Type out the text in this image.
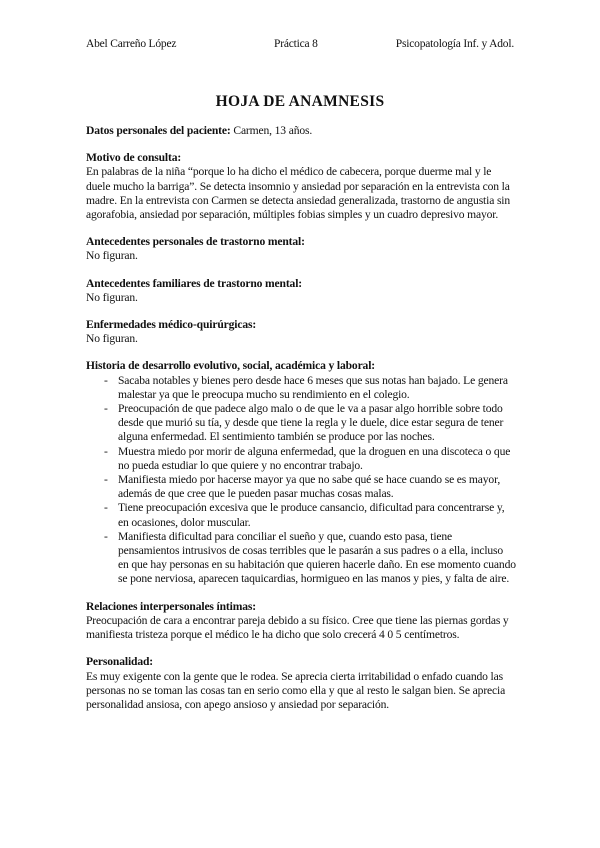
Abel Carreño López	Práctica 8	Psicopatología Inf. y Adol.
HOJA DE ANAMNESIS
Datos personales del paciente: Carmen, 13 años.
Motivo de consulta:

En palabras de la niña “porque lo ha dicho el médico de cabecera, porque duerme mal y le duele mucho la barriga”. Se detecta insomnio y ansiedad por separación en la entrevista con la madre. En la entrevista con Carmen se detecta ansiedad generalizada, trastorno de angustia sin agorafobia, ansiedad por separación, múltiples fobias simples y un cuadro depresivo mayor.

Antecedentes personales de trastorno mental:

No figuran.

Antecedentes familiares de trastorno mental:

No figuran.

Enfermedades médico-quirúrgicas:

No figuran.

Historia de desarrollo evolutivo, social, académica y laboral:
- Sacaba notables y bienes pero desde hace 6 meses que sus notas han bajado. Le genera malestar ya que le preocupa mucho su rendimiento en el colegio.
- Preocupación de que padece algo malo o de que le va a pasar algo horrible sobre todo desde que murió su tía, y desde que tiene la regla y le duele, dice estar segura de tener alguna enfermedad. El sentimiento también se produce por las noches.
- Muestra miedo por morir de alguna enfermedad, que la droguen en una discoteca o que no pueda estudiar lo que quiere y no encontrar trabajo.
- Manifiesta miedo por hacerse mayor ya que no sabe qué se hace cuando se es mayor, además de que cree que le pueden pasar muchas cosas malas.
- Tiene preocupación excesiva que le produce cansancio, dificultad para concentrarse y, en ocasiones, dolor muscular.
- Manifiesta dificultad para conciliar el sueño y que, cuando esto pasa, tiene pensamientos intrusivos de cosas terribles que le pasarán a sus padres o a ella, incluso en que hay personas en su habitación que quieren hacerle daño. En ese momento cuando se pone nerviosa, aparecen taquicardias, hormigueo en las manos y pies, y falta de aire.
Relaciones interpersonales íntimas:

Preocupación de cara a encontrar pareja debido a su físico. Cree que tiene las piernas gordas y manifiesta tristeza porque el médico le ha dicho que solo crecerá 4 0 5 centímetros.

Personalidad:

Es muy exigente con la gente que le rodea. Se aprecia cierta irritabilidad o enfado cuando las personas no se toman las cosas tan en serio como ella y que al resto le salgan bien. Se aprecia personalidad ansiosa, con apego ansioso y ansiedad por separación.
